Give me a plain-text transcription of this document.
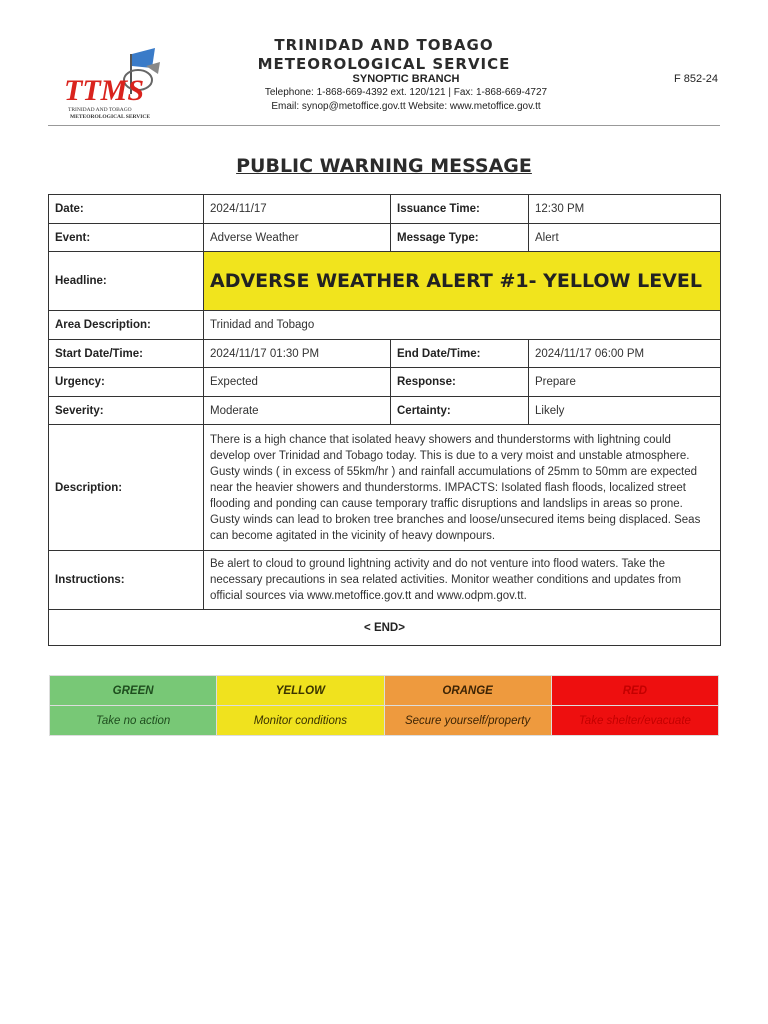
TTMS
TRINIDAD AND TOBAGO
METEOROLOGICAL SERVICE
TRINIDAD AND TOBAGO
METEOROLOGICAL SERVICE
SYNOPTIC BRANCH
Telephone: 1-868-669-4392 ext. 120/121 | Fax: 1-868-669-4727
Email: synop@metoffice.gov.tt Website: www.metoffice.gov.tt
F 852-24
PUBLIC WARNING MESSAGE
Date:	2024/11/17	Issuance Time:	12:30 PM
Event:	Adverse Weather	Message Type:	Alert
Headline:	ADVERSE WEATHER ALERT #1- YELLOW LEVEL		
Area Description:	Trinidad and Tobago		
Start Date/Time:	2024/11/17 01:30 PM	End Date/Time:	2024/11/17 06:00 PM
Urgency:	Expected	Response:	Prepare
Severity:	Moderate	Certainty:	Likely
Description:	There is a high chance that isolated heavy showers and thunderstorms with lightning could develop over Trinidad and Tobago today. This is due to a very moist and unstable atmosphere. Gusty winds ( in excess of 55km/hr ) and rainfall accumulations of 25mm to 50mm are expected near the heavier showers and thunderstorms. IMPACTS: Isolated flash floods, localized street flooding and ponding can cause temporary traffic disruptions and landslips in areas so prone. Gusty winds can lead to broken tree branches and loose/unsecured items being displaced. Seas can become agitated in the vicinity of heavy downpours.		
Instructions:	Be alert to cloud to ground lightning activity and do not venture into flood waters. Take the necessary precautions in sea related activities. Monitor weather conditions and updates from official sources via www.metoffice.gov.tt and www.odpm.gov.tt.		
< END>			
GREEN	YELLOW	ORANGE	RED
Take no action	Monitor conditions	Secure yourself/property	Take shelter/evacuate
